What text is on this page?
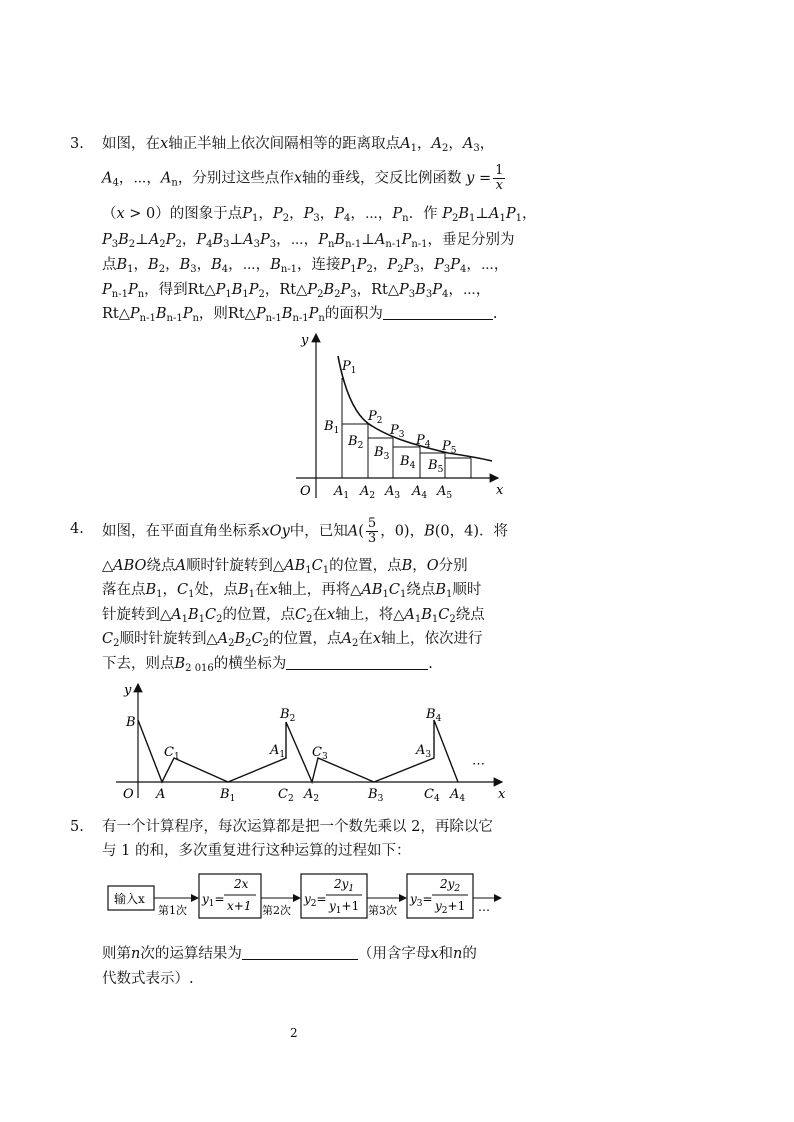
3. 如图，在x轴正半轴上依次间隔相等的距离取点$A_1$，$A_2$，$A_3$，
$A_4$，⋯，$A_n$，分别过这些点作x轴的垂线，交反比例函数 $y = \frac{1}{x}$
（x > 0）的图象于点$P_1$，$P_2$，$P_3$，$P_4$，⋯，$P_n$．作 $P_2B_1\perp A_1P_1$，
$P_3B_2\perp A_2P_2$，$P_4B_3\perp A_3P_3$，⋯，$P_nB_{n-1}\perp A_{n-1}P_{n-1}$，垂足分别为
点$B_1$，$B_2$，$B_3$，$B_4$，⋯，$B_{n-1}$，连接$P_1P_2$，$P_2P_3$，$P_3P_4$，⋯，
$P_{n-1}P_n$，得到$Rt\triangle P_1B_1P_2$，$Rt\triangle P_2B_2P_3$，$Rt\triangle P_3B_3P_4$，⋯，
$Rt\triangle P_{n-1}B_{n-1}P_n$，则$Rt\triangle P_{n-1}B_{n-1}P_n$的面积为	.
y
x
O
$P_1$
$P_2$
$P_3$ $P_4$ $P_5$
$B_1$
$B_2$ $B_3$ $B_4$ $B_5$
$A_1$ $A_2$ $A_3$ $A_4$ $A_5$
4. 如图，在平面直角坐标系xOy中，已知$A( \frac{5}{3}$ ，0)，B(0，4)．将
△ABO绕点A顺时针旋转到$\triangle AB_1C_1$的位置，点B，O分别
落在点$B_1$，$C_1$处，点$B_1$在x轴上，再将$\triangle AB_1C_1$绕点$B_1$顺时
针旋转到$\triangle A_1B_1C_2$的位置，点$C_2$在x轴上，将$\triangle A_1B_1C_2$绕点
$C_2$顺时针旋转到$\triangle A_2B_2C_2$的位置，点$A_2$在x轴上，依次进行
下去，则点$B_{2 016}$的横坐标为	.
y
x
O
B
A
$C_1$
$B_1$
$A_1$
$B_2$
$C_2$ $A_2$
$C_3$
$B_3$
$A_3$
$B_4$
$C_4$ $A_4$
⋯
5. 有一个计算程序，每次运算都是把一个数先乘以 2，再除以它
与 1 的和，多次重复进行这种运算的过程如下：
输入x
第1次
$y_1=$
2x
x+1 第2次
$y_2=$
$2y_1$
$y_1+1$ 第3次
$y_3=$
$2y_2$
$y_2+1$ ⋯
则第n次的运算结果为	（用含字母x和n的
代数式表示）.
2
